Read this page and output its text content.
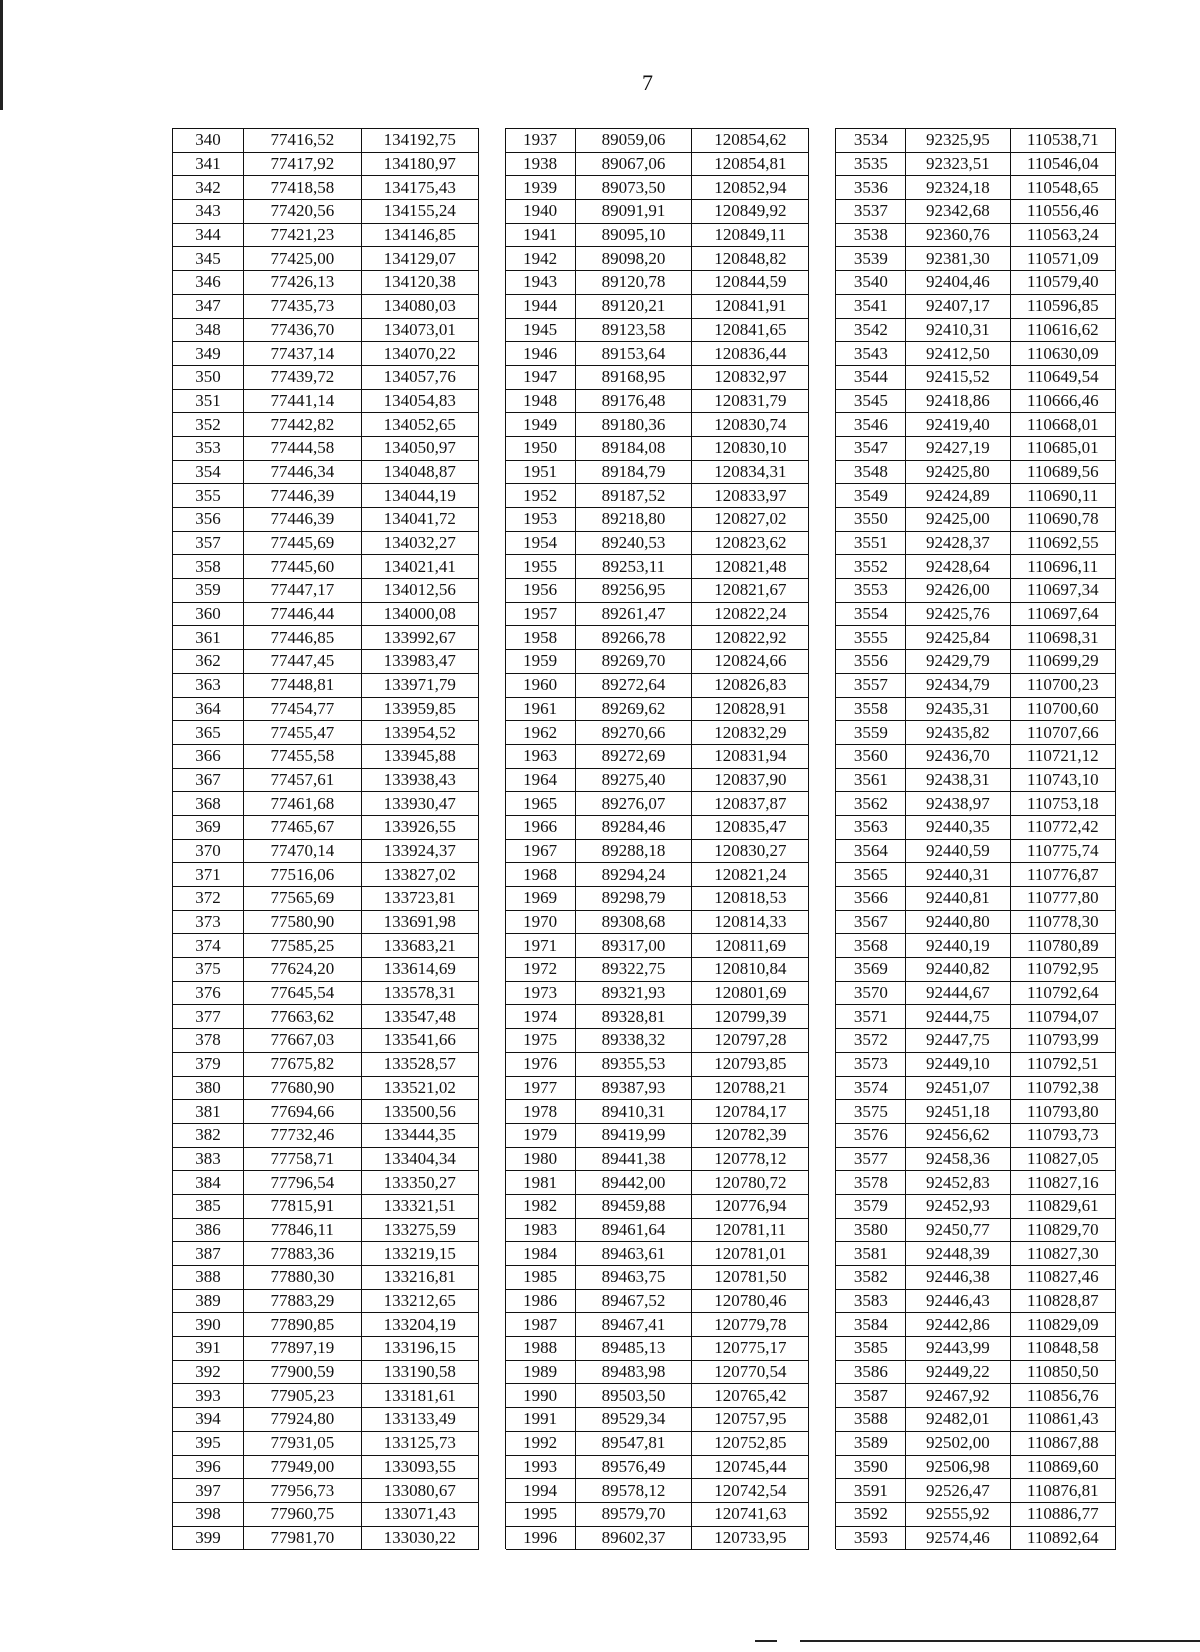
7
340	77416,52	134192,75		1937	89059,06	120854,62		3534	92325,95	110538,71
341	77417,92	134180,97		1938	89067,06	120854,81		3535	92323,51	110546,04
342	77418,58	134175,43		1939	89073,50	120852,94		3536	92324,18	110548,65
343	77420,56	134155,24		1940	89091,91	120849,92		3537	92342,68	110556,46
344	77421,23	134146,85		1941	89095,10	120849,11		3538	92360,76	110563,24
345	77425,00	134129,07		1942	89098,20	120848,82		3539	92381,30	110571,09
346	77426,13	134120,38		1943	89120,78	120844,59		3540	92404,46	110579,40
347	77435,73	134080,03		1944	89120,21	120841,91		3541	92407,17	110596,85
348	77436,70	134073,01		1945	89123,58	120841,65		3542	92410,31	110616,62
349	77437,14	134070,22		1946	89153,64	120836,44		3543	92412,50	110630,09
350	77439,72	134057,76		1947	89168,95	120832,97		3544	92415,52	110649,54
351	77441,14	134054,83		1948	89176,48	120831,79		3545	92418,86	110666,46
352	77442,82	134052,65		1949	89180,36	120830,74		3546	92419,40	110668,01
353	77444,58	134050,97		1950	89184,08	120830,10		3547	92427,19	110685,01
354	77446,34	134048,87		1951	89184,79	120834,31		3548	92425,80	110689,56
355	77446,39	134044,19		1952	89187,52	120833,97		3549	92424,89	110690,11
356	77446,39	134041,72		1953	89218,80	120827,02		3550	92425,00	110690,78
357	77445,69	134032,27		1954	89240,53	120823,62		3551	92428,37	110692,55
358	77445,60	134021,41		1955	89253,11	120821,48		3552	92428,64	110696,11
359	77447,17	134012,56		1956	89256,95	120821,67		3553	92426,00	110697,34
360	77446,44	134000,08		1957	89261,47	120822,24		3554	92425,76	110697,64
361	77446,85	133992,67		1958	89266,78	120822,92		3555	92425,84	110698,31
362	77447,45	133983,47		1959	89269,70	120824,66		3556	92429,79	110699,29
363	77448,81	133971,79		1960	89272,64	120826,83		3557	92434,79	110700,23
364	77454,77	133959,85		1961	89269,62	120828,91		3558	92435,31	110700,60
365	77455,47	133954,52		1962	89270,66	120832,29		3559	92435,82	110707,66
366	77455,58	133945,88		1963	89272,69	120831,94		3560	92436,70	110721,12
367	77457,61	133938,43		1964	89275,40	120837,90		3561	92438,31	110743,10
368	77461,68	133930,47		1965	89276,07	120837,87		3562	92438,97	110753,18
369	77465,67	133926,55		1966	89284,46	120835,47		3563	92440,35	110772,42
370	77470,14	133924,37		1967	89288,18	120830,27		3564	92440,59	110775,74
371	77516,06	133827,02		1968	89294,24	120821,24		3565	92440,31	110776,87
372	77565,69	133723,81		1969	89298,79	120818,53		3566	92440,81	110777,80
373	77580,90	133691,98		1970	89308,68	120814,33		3567	92440,80	110778,30
374	77585,25	133683,21		1971	89317,00	120811,69		3568	92440,19	110780,89
375	77624,20	133614,69		1972	89322,75	120810,84		3569	92440,82	110792,95
376	77645,54	133578,31		1973	89321,93	120801,69		3570	92444,67	110792,64
377	77663,62	133547,48		1974	89328,81	120799,39		3571	92444,75	110794,07
378	77667,03	133541,66		1975	89338,32	120797,28		3572	92447,75	110793,99
379	77675,82	133528,57		1976	89355,53	120793,85		3573	92449,10	110792,51
380	77680,90	133521,02		1977	89387,93	120788,21		3574	92451,07	110792,38
381	77694,66	133500,56		1978	89410,31	120784,17		3575	92451,18	110793,80
382	77732,46	133444,35		1979	89419,99	120782,39		3576	92456,62	110793,73
383	77758,71	133404,34		1980	89441,38	120778,12		3577	92458,36	110827,05
384	77796,54	133350,27		1981	89442,00	120780,72		3578	92452,83	110827,16
385	77815,91	133321,51		1982	89459,88	120776,94		3579	92452,93	110829,61
386	77846,11	133275,59		1983	89461,64	120781,11		3580	92450,77	110829,70
387	77883,36	133219,15		1984	89463,61	120781,01		3581	92448,39	110827,30
388	77880,30	133216,81		1985	89463,75	120781,50		3582	92446,38	110827,46
389	77883,29	133212,65		1986	89467,52	120780,46		3583	92446,43	110828,87
390	77890,85	133204,19		1987	89467,41	120779,78		3584	92442,86	110829,09
391	77897,19	133196,15		1988	89485,13	120775,17		3585	92443,99	110848,58
392	77900,59	133190,58		1989	89483,98	120770,54		3586	92449,22	110850,50
393	77905,23	133181,61		1990	89503,50	120765,42		3587	92467,92	110856,76
394	77924,80	133133,49		1991	89529,34	120757,95		3588	92482,01	110861,43
395	77931,05	133125,73		1992	89547,81	120752,85		3589	92502,00	110867,88
396	77949,00	133093,55		1993	89576,49	120745,44		3590	92506,98	110869,60
397	77956,73	133080,67		1994	89578,12	120742,54		3591	92526,47	110876,81
398	77960,75	133071,43		1995	89579,70	120741,63		3592	92555,92	110886,77
399	77981,70	133030,22		1996	89602,37	120733,95		3593	92574,46	110892,64
